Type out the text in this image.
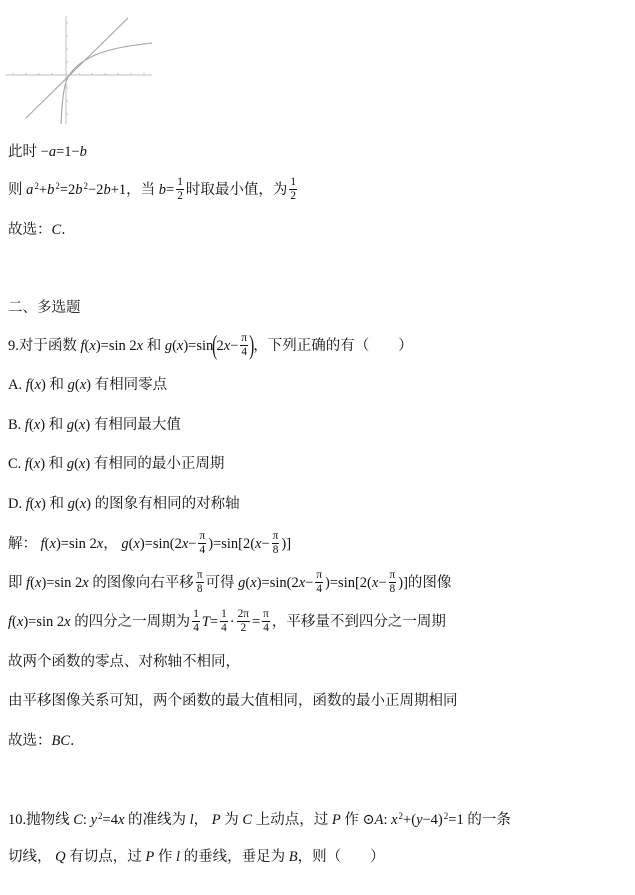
此时 −a=1−b
则 $a^2+b^2=2b^2-2b+1$，当 $b= \frac{1}{2}$ 时取最小值，为 $\frac{1}{2}$
故选：C．
二、多选题
9.对于函数 f(x)=sin 2x 和 $g(x)=\sin(2x- \frac{\pi}{4}$ )，下列正确的有（　　）
A. f(x) 和 g(x) 有相同零点
B. f(x) 和 g(x) 有相同最大值
C. f(x) 和 g(x) 有相同的最小正周期
D. f(x) 和 g(x) 的图象有相同的对称轴
解： f(x)=sin 2x， $g(x)=\sin(2x- \frac{\pi}{4} )=\sin[2(x- \frac{\pi}{8}$ )]
即 f(x)=sin 2x 的图像向右平移 $\frac{\pi}{8}$ 可得 $g(x)=\sin(2x- \frac{\pi}{4} )=\sin[2(x- \frac{\pi}{8}$ )]的图像
f(x)=sin 2x 的四分之一周期为 $\frac{1}{4} T= \frac{1}{4} \cdot \frac{2\pi}{2} = \frac{\pi}{4}$ ，平移量不到四分之一周期
故两个函数的零点、对称轴不相同，
由平移图像关系可知，两个函数的最大值相同，函数的最小正周期相同
故选：BC．
10.抛物线 C: $y^2=4x$ 的准线为 l， P 为 C 上动点，过 P 作 ⊙A: $x^2+(y-4)^2=1$ 的一条
切线， Q 有切点，过 P 作 l 的垂线，垂足为 B，则（　　）
